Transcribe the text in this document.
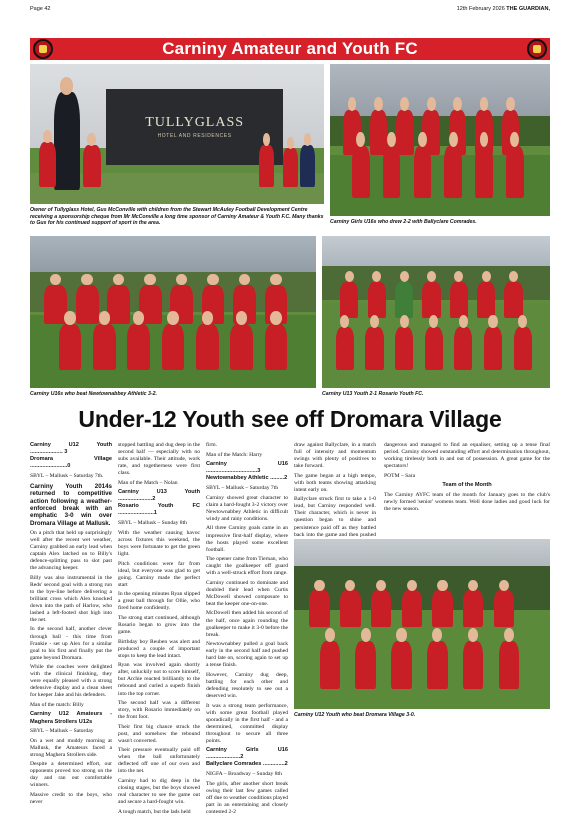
Page 42	12th February 2026 THE GUARDIAN,
Carniny Amateur and Youth FC
TULLYGLASS
HOTEL AND RESIDENCES
Owner of Tullyglass Hotel, Gus McConville with children from the Stewart McAuley Football Development Centre receiving a sponsorship cheque from Mr McConville a long time sponsor of Carniny Amateur & Youth F.C. Many thanks to Gus for his continued support of sport in the area.	Carniny Girls U16s who drew 2-2 with Ballyclare Comrades.
Carniny U16s who beat Newtownabbey Athletic 3-2.	Carniny U13 Youth 2-1 Rosario Youth FC.
Under-12 Youth see off Dromara Village
Carniny U12 Youth ..................... 3
Dromara Village ........................0

SBYL – Mallusk – Saturday 7th.

Carniny Youth 2014s returned to competitive action following a weather-enforced break with an emphatic 3-0 win over Dromara Village at Mallusk.

On a pitch that held up surprisingly well after the recent wet weather, Carniny grabbed an early lead when captain Alex latched on to Billy's defence-splitting pass to slot past the advancing keeper.

Billy was also instrumental in the Reds' second goal with a strong run to the bye-line before delivering a brilliant cross which Alex knocked down into the path of Harlow, who lashed a left-footed shot high into the net.

In the second half, another clever through ball - this time from Frankie - set up Alex for a similar goal to his first and finally put the game beyond Dromara.

While the coaches were delighted with the clinical finishing, they were equally pleased with a strong defensive display and a clean sheet for keeper Jake and his defenders.

Man of the match: Billy

Carniny U12 Amateurs - Maghera Strollers U12s

SBYL – Mallusk – Saturday

On a wet and muddy morning at Mallusk, the Amateurs faced a strong Maghera Strollers side.

Despite a determined effort, our opponents proved too strong on the day and ran out comfortable winners.

Massive credit to the boys, who never

stopped battling and dug deep in the second half — especially with no subs available. Their attitude, work rate, and togetherness were first class.

Man of the Match – Nolan

Carniny U13 Youth ......................2
Rosario Youth FC .......................1

SBYL – Mallusk – Sunday 8th

With the weather causing havoc across fixtures this weekend, the boys were fortunate to get the green light.

Pitch conditions were far from ideal, but everyone was glad to get going. Carniny made the perfect start

In the opening minutes Ryan slipped a great ball through for Ollie, who fired home confidently.

The strong start continued, although Rosario began to grow into the game.

Birthday boy Reuben was alert and produced a couple of important stops to keep the lead intact.

Ryan was involved again shortly after, unluckily not to score himself, but Archie reacted brilliantly to the rebound and curled a superb finish into the top corner.

The second half was a different story, with Rosario immediately on the front foot.

Their first big chance struck the post, and somehow the rebound wasn't converted.

Their pressure eventually paid off when the ball unfortunately deflected off one of our own and into the net.

Carniny had to dig deep in the closing stages, but the boys showed real character to see the game out and secure a hard-fought win.

A tough match, but the lads held

firm.

Man of the Match: Harry

Carniny U16 .................................3
Newtownabbey Athletic .........2

SBYL – Mallusk – Saturday 7th

Carniny showed great character to claim a hard-fought 3-2 victory over Newtownabbey Athletic in difficult windy and rainy conditions.

All three Carniny goals came in an impressive first-half display, where the hosts played some excellent football.

The opener came from Tiernan, who caught the goalkeeper off guard with a well-struck effort from range.

Carniny continued to dominate and doubled their lead when Curtis McDowell showed composure to beat the keeper one-on-one.

McDowell then added his second of the half, once again rounding the goalkeeper to make it 3-0 before the break.

Newtownabbey pulled a goal back early in the second half and pushed hard late on, scoring again to set up a tense finish.

However, Carniny dug deep, battling for each other and defending resolutely to see out a deserved win.

It was a strong team performance, with some great football played sporadically in the first half - and a determined, committed display throughout to secure all three points.

Carniny Girls U16 ......................2
Ballyclare Comrades ..............2

NIGFA – Broadway – Sunday 8th

The girls, after another short break owing their last few games called off due to weather conditions played part in an entertaining and closely contested 2-2

draw against Ballyclare, in a match full of intensity and momentum swings with plenty of positives to take forward.

The game began at a high tempo, with both teams showing attacking intent early on.

Ballyclare struck first to take a 1-0 lead, but Carniny responded well. Their character, which is never in question began to shine and persistence paid off as they battled back into the game and then pushed

dangerous and managed to find an equaliser, setting up a tense final period. Carniny showed outstanding effort and determination throughout, working tirelessly both in and out of possession. A great game for the spectators!

POTM – Sara

Team of the Month

The Carniny AYFC team of the month for January goes to the club's newly formed 'senior' womens team. Well done ladies and good luck for the new season.

Carniny U12 Youth who beat Dromara Village 3-0.
